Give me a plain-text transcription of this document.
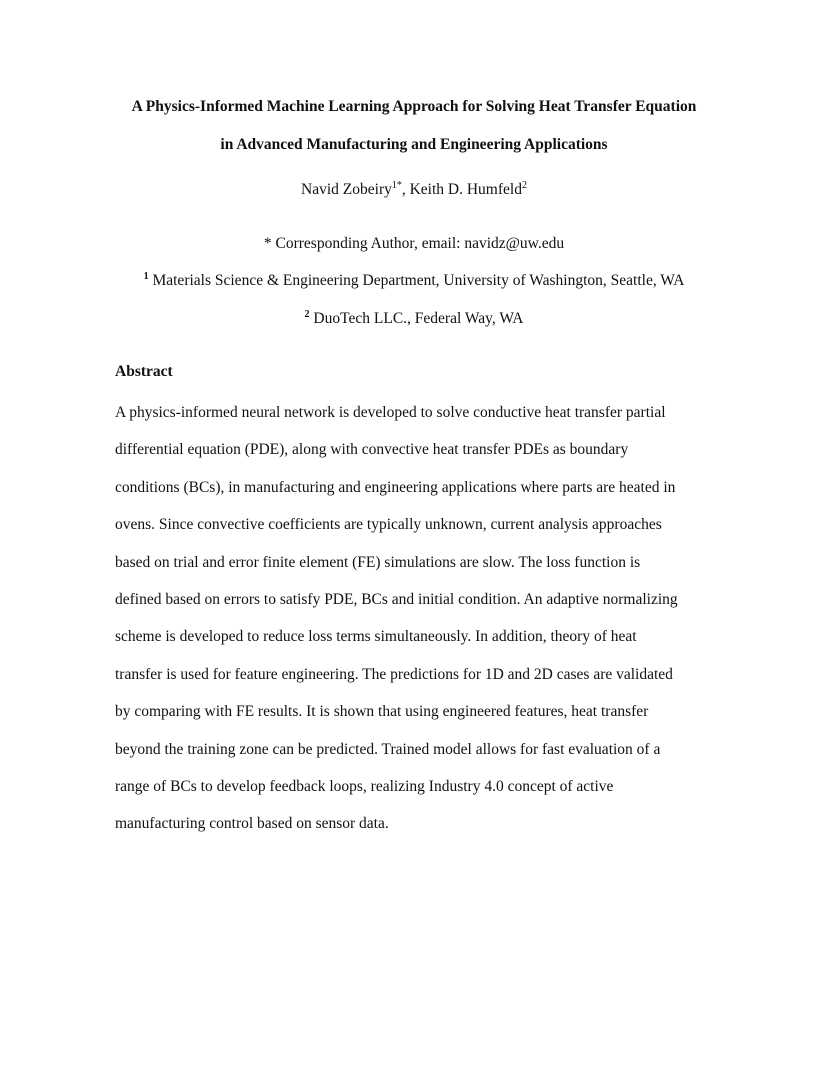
A Physics-Informed Machine Learning Approach for Solving Heat Transfer Equation
in Advanced Manufacturing and Engineering Applications
Navid Zobeiry$^{1*}$, Keith D. Humfeld$^2$
* Corresponding Author, email: navidz@uw.edu
$^1$ Materials Science & Engineering Department, University of Washington, Seattle, WA
$^2$ DuoTech LLC., Federal Way, WA
Abstract
A physics-informed neural network is developed to solve conductive heat transfer partial
differential equation (PDE), along with convective heat transfer PDEs as boundary
conditions (BCs), in manufacturing and engineering applications where parts are heated in
ovens. Since convective coefficients are typically unknown, current analysis approaches
based on trial and error finite element (FE) simulations are slow. The loss function is
defined based on errors to satisfy PDE, BCs and initial condition. An adaptive normalizing
scheme is developed to reduce loss terms simultaneously. In addition, theory of heat
transfer is used for feature engineering. The predictions for 1D and 2D cases are validated
by comparing with FE results. It is shown that using engineered features, heat transfer
beyond the training zone can be predicted. Trained model allows for fast evaluation of a
range of BCs to develop feedback loops, realizing Industry 4.0 concept of active
manufacturing control based on sensor data.
